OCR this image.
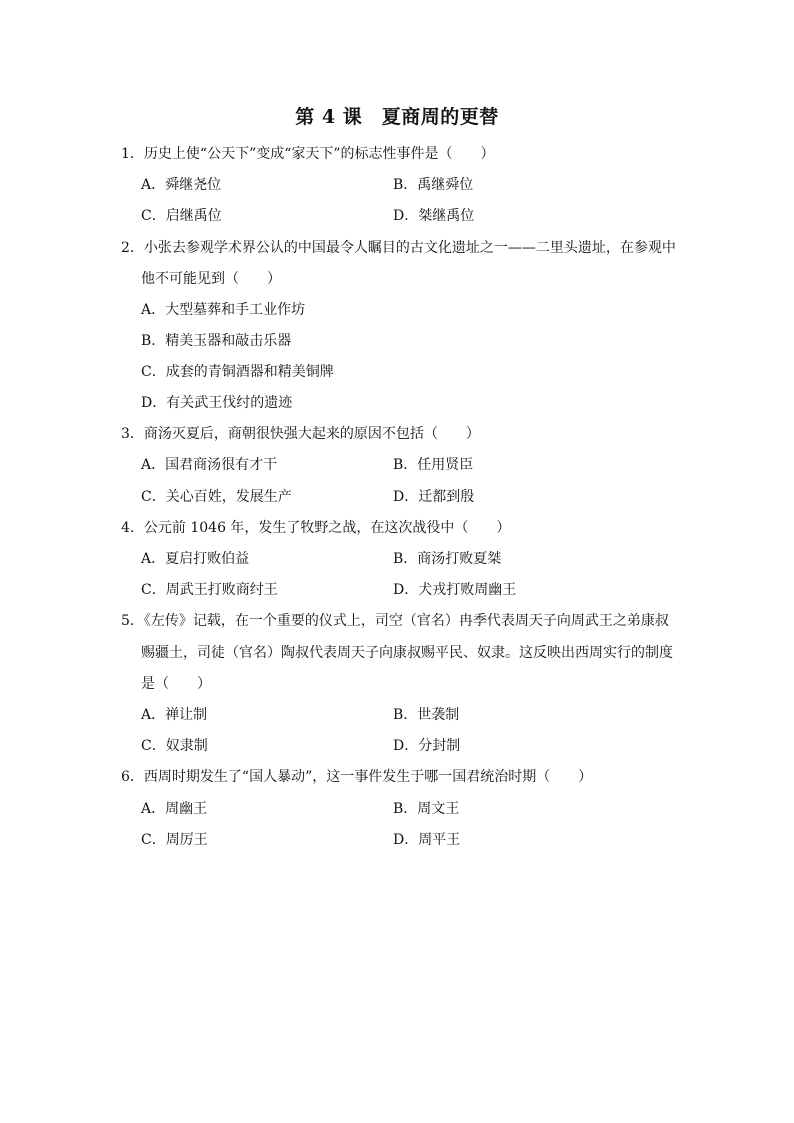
第 4 课　夏商周的更替
1．历史上使“公天下”变成“家天下”的标志性事件是（　　）
A．舜继尧位	B．禹继舜位
C．启继禹位	D．桀继禹位
2．小张去参观学术界公认的中国最令人瞩目的古文化遗址之一——二里头遗址，在参观中
他不可能见到（　　）
A．大型墓葬和手工业作坊
B．精美玉器和敲击乐器
C．成套的青铜酒器和精美铜牌
D．有关武王伐纣的遗迹
3．商汤灭夏后，商朝很快强大起来的原因不包括（　　）
A．国君商汤很有才干	B．任用贤臣
C．关心百姓，发展生产	D．迁都到殷
4．公元前 1046 年，发生了牧野之战，在这次战役中（　　）
A．夏启打败伯益	B．商汤打败夏桀
C．周武王打败商纣王	D．犬戎打败周幽王
5．《左传》记载，在一个重要的仪式上，司空（官名）冉季代表周天子向周武王之弟康叔
赐疆土，司徒（官名）陶叔代表周天子向康叔赐平民、奴隶。这反映出西周实行的制度
是（　　）
A．禅让制	B．世袭制
C．奴隶制	D．分封制
6．西周时期发生了“国人暴动”，这一事件发生于哪一国君统治时期（　　）
A．周幽王	B．周文王
C．周厉王	D．周平王
